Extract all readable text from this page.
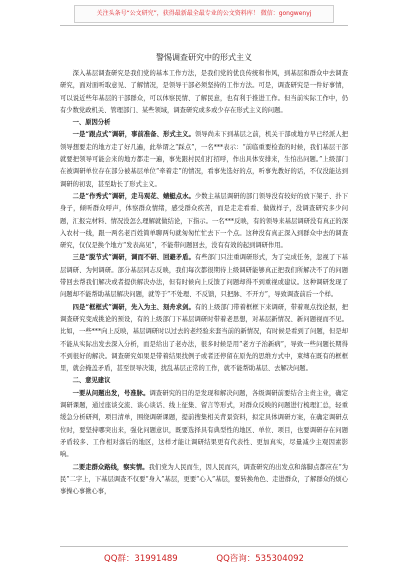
关注头条号“公文研究”，获得最新最全最专业的公文资料库！ 微信：gongwenyj
警惕调查研究中的形式主义

深入基层调查研究是我们党的基本工作方法，是我们党的优良传统和作风，到基层和群众中去调查研究，面对面听取意见、了解情况，是领导干部必须坚持的工作方法。可是，调查研究是一件好事情，可以说近些年基层的干部群众，可以体察民情、了解民意，也有利于推进工作。但当前实际工作中，仍有少数党政机关、管理部门、某些领域，调查研究或多或少存在形式主义的问题。

一、原因分析

一是“跟点式”调研，事前准备、形式主义。领导尚未下到基层之前，机关干部或地方早已经派人把领导想要走的地方走了好几遍，此举谓之“踩点”，一名***表示：“前临重要检查的时候，我们基层干部就要把领导可能会来的地方都走一遍，事先跟村民们打招呼，作出具体安排来，生怕出问题。”上级部门在被调研单位存在部分被基层单位“牵着走”的情况，看事先选好的点，听事先教好的话，不仅没能达到调研的初衷，甚至助长了形式主义。

二是“作秀式”调研，走马观花、蜻蜓点水。少数主基层调研的部门领导没有较好的放下架子、扑下身子，倾听群众呼声，体察群众情绪，感受群众疾苦，而是走走看看、做做样子，没调查研究多少问题，汇报完材料、情况没怎么理解就做结论，下指示。一名***反映，有的领导来基层调研没有真正的深入农村一线，跟一两名老百姓简单聊两句就匆匆忙忙去下一个点。这种没有真正深入到群众中去的调查研究，仅仅是换个地方“发表高见”，不能带问题回去，没有有效的起到调研作用。

三是“脱节式”调研，调而不研、回避矛盾。有些部门只注重调研形式，为了完成任务，忽视了下基层调研、为何调研。部分基层同志反映，我们每次都很期待上级调研能够真正把我们所解决不了的问题带回去帮我们解决或者提供解决办法，但有时候向上反馈了问题却得不到重视或建议。这种调研发现了问题却不能帮助基层解决问题，就等于“不处理、不反馈，只把脉、不开方”，导致调查前后一个样。

四是“框框式”调研，先入为主、刻舟求剑。有的上级部门带着框框下来调研，带着观点找论据，把调查研究变成挑论的预设，有的上级部门下基层调研时带着老思想，对基层新情况、新问题视而不见。比如，一些***向上反映，基层调研时以过去的老经验来套当前的新情况，有时候是看到了问题，但是却不能从实际出发去深入分析，而是给出了老办法，很多时候是用“老方子治新病”，导致一些问题长期得不到很好的解决。调查研究如果是带着结果找例子或者还停留在原先的思维方式中，束缚在既有的框框里，就会掩盖矛盾，甚至误导决策，扰乱基层正常的工作，就不能帮助基层、去解决问题。

二、意见建议

一要从问题出发，号准脉。调查研究的目的是发现和解决问题，各级调研前要结合主责主业，确定调研课题，通过座谈交流、谈心谈话、线上征集、留言等形式，对群众反映的问题进行梳理汇总，轻重缓急分析研判，项目清单，围绕调研课题，提前搜集相关背景资料，拟定具体调研方案，在确定调研点位时，要坚持哪突出来，强化问题意识，既要选择具有典型性的地区、单位、项目，也要调研存在问题矛盾较多、工作相对落后的地区，这样才能让调研结果更有代表性、更加真实，尽量减少主观因素影响。

二要走群众路线，察实情。我们党为人民而生，因人民而兴，调查研究的出发点和落脚点都应在“为民”二字上，下基层调查不仅要“身入”基层，更要“心入”基层，要转换角色、走进群众，了解群众的烦心事操心事揪心事，

QQ群：31991489	QQ咨询：535304092
